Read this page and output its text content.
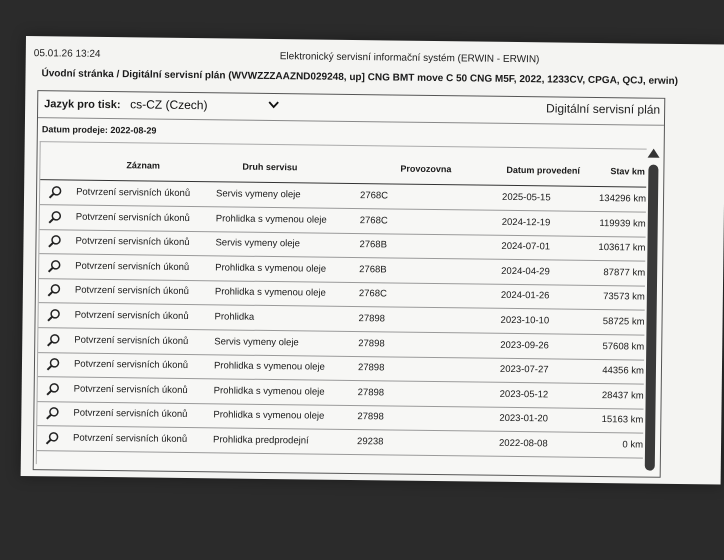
05.01.26 13:24	Elektronický servisní informační systém (ERWIN - ERWIN)
Úvodní stránka / Digitální servisní plán (WVWZZZAAZND029248, up] CNG BMT move C 50 CNG M5F, 2022, 1233CV, CPGA, QCJ, erwin)
Jazyk pro tisk: cs-CZ (Czech)	Digitální servisní plán
Datum prodeje: 2022-08-29
Záznam	Druh servisu	Provozovna	Datum provedení	Stav km
Potvrzení servisních úkonů	Servis vymeny oleje	2768C	2025-05-15	134296 km
Potvrzení servisních úkonů	Prohlidka s vymenou oleje	2768C	2024-12-19	119939 km
Potvrzení servisních úkonů	Servis vymeny oleje	2768B	2024-07-01	103617 km
Potvrzení servisních úkonů	Prohlidka s vymenou oleje	2768B	2024-04-29	87877 km
Potvrzení servisních úkonů	Prohlidka s vymenou oleje	2768C	2024-01-26	73573 km
Potvrzení servisních úkonů	Prohlidka	27898	2023-10-10	58725 km
Potvrzení servisních úkonů	Servis vymeny oleje	27898	2023-09-26	57608 km
Potvrzení servisních úkonů	Prohlidka s vymenou oleje	27898	2023-07-27	44356 km
Potvrzení servisních úkonů	Prohlidka s vymenou oleje	27898	2023-05-12	28437 km
Potvrzení servisních úkonů	Prohlidka s vymenou oleje	27898	2023-01-20	15163 km
Potvrzení servisních úkonů	Prohlidka predprodejní	29238	2022-08-08	0 km
